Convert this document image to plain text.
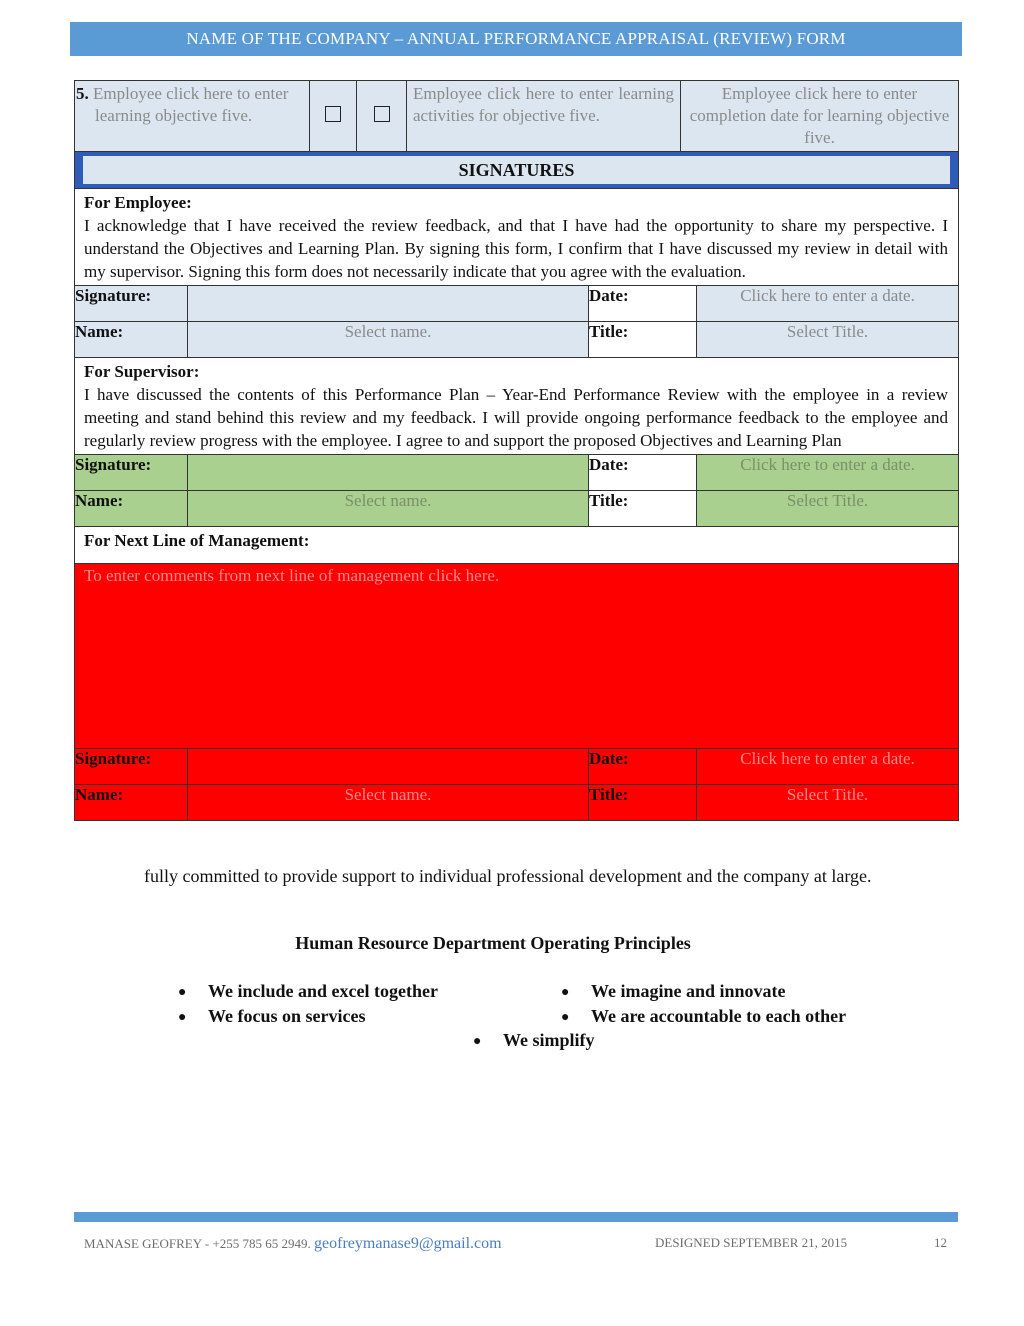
NAME OF THE COMPANY – ANNUAL PERFORMANCE APPRAISAL (REVIEW) FORM
5. Employee click here to enter learning objective five.				Employee click here to enter learning activities for objective five.		Employee click here to enter completion date for learning objective five.	

SIGNATURES							

For Employee:
I acknowledge that I have received the review feedback, and that I have had the opportunity to share my perspective. I understand the Objectives and Learning Plan. By signing this form, I confirm that I have discussed my review in detail with my supervisor. Signing this form does not necessarily indicate that you agree with the evaluation.							

Signature:					Date:		Click here to enter a date.
Name:	Select name.				Title:		Select Title.

For Supervisor:
I have discussed the contents of this Performance Plan – Year-End Performance Review with the employee in a review meeting and stand behind this review and my feedback. I will provide ongoing performance feedback to the employee and regularly review progress with the employee. I agree to and support the proposed Objectives and Learning Plan							

Signature:					Date:		Click here to enter a date.
Name:	Select name.				Title:		Select Title.

For Next Line of Management:							

To enter comments from next line of management click here.							

Signature:					Date:		Click here to enter a date.
Name:	Select name.				Title:		Select Title.
fully committed to provide support to individual professional development and the company at large.
Human Resource Department Operating Principles
● We include and excel together	● We imagine and innovate
● We focus on services	● We are accountable to each other
● We simplify
MANASE GEOFREY - +255 785 65 2949. geofreymanase9@gmail.com	DESIGNED SEPTEMBER 21, 2015	12
